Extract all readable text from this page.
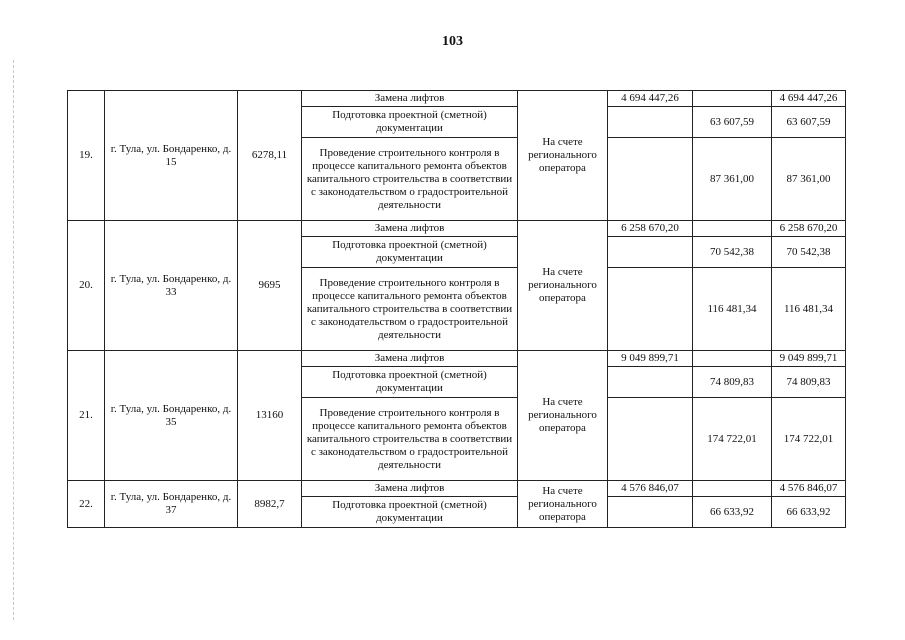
103
19.	г. Тула, ул. Бондаренко, д. 15	6278,11	Замена лифтов	На счете регионального оператора	4 694 447,26		4 694 447,26
			Подготовка проектной (сметной) документации			63 607,59	63 607,59
			Проведение строительного контроля в процессе капитального ремонта объектов капитального строительства в соответствии с законодательством о градостроительной деятельности			87 361,00	87 361,00
20.	г. Тула, ул. Бондаренко, д. 33	9695	Замена лифтов	На счете регионального оператора	6 258 670,20		6 258 670,20
			Подготовка проектной (сметной) документации			70 542,38	70 542,38
			Проведение строительного контроля в процессе капитального ремонта объектов капитального строительства в соответствии с законодательством о градостроительной деятельности			116 481,34	116 481,34
21.	г. Тула, ул. Бондаренко, д. 35	13160	Замена лифтов	На счете регионального оператора	9 049 899,71		9 049 899,71
			Подготовка проектной (сметной) документации			74 809,83	74 809,83
			Проведение строительного контроля в процессе капитального ремонта объектов капитального строительства в соответствии с законодательством о градостроительной деятельности			174 722,01	174 722,01
22.	г. Тула, ул. Бондаренко, д. 37	8982,7	Замена лифтов	На счете регионального оператора	4 576 846,07		4 576 846,07
			Подготовка проектной (сметной) документации			66 633,92	66 633,92
